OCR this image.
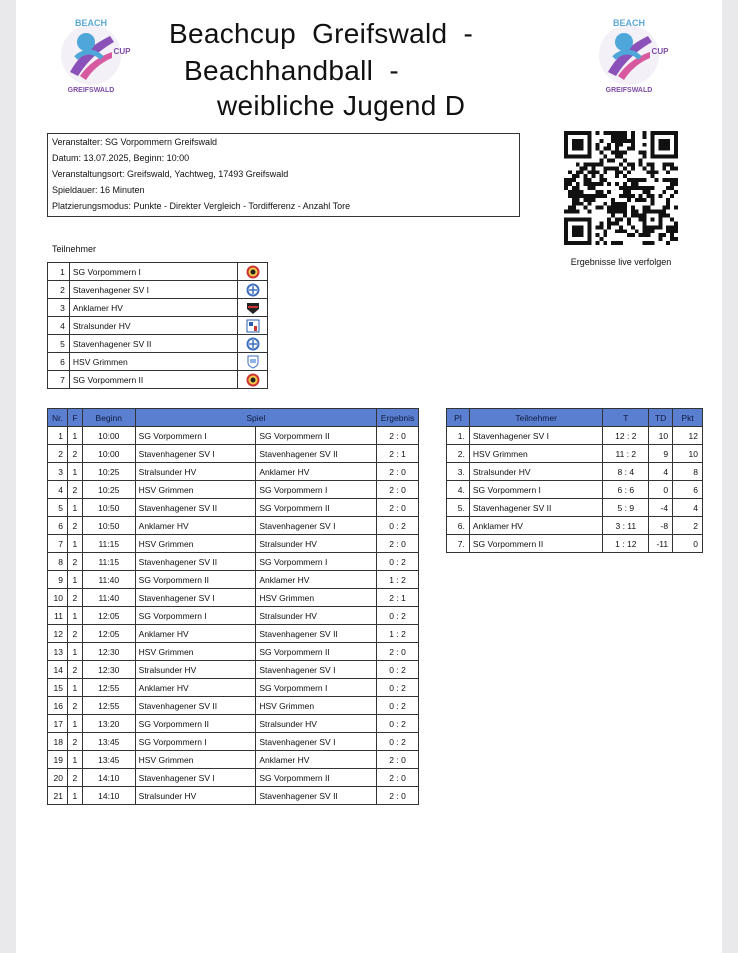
BEACH
CUP
GREIFSWALD
BEACH
CUP
GREIFSWALD
Beachcup  Greifswald  -
Beachhandball  -
weibliche Jugend D
Veranstalter: SG Vorpommern Greifswald
Datum: 13.07.2025, Beginn: 10:00
Veranstaltungsort: Greifswald, Yachtweg, 17493 Greifswald
Spieldauer: 16 Minuten
Platzierungsmodus: Punkte - Direkter Vergleich - Tordifferenz - Anzahl Tore
Ergebnisse live verfolgen
Teilnehmer
1	SG Vorpommern I	
2	Stavenhagener SV I	
3	Anklamer HV	
4	Stralsunder HV	
5	Stavenhagener SV II	
6	HSV Grimmen	
7	SG Vorpommern II	
Nr.	F	Beginn	Spiel		Ergebnis
1	1	10:00	SG Vorpommern I	SG Vorpommern II	2 : 0
2	2	10:00	Stavenhagener SV I	Stavenhagener SV II	2 : 1
3	1	10:25	Stralsunder HV	Anklamer HV	2 : 0
4	2	10:25	HSV Grimmen	SG Vorpommern I	2 : 0
5	1	10:50	Stavenhagener SV II	SG Vorpommern II	2 : 0
6	2	10:50	Anklamer HV	Stavenhagener SV I	0 : 2
7	1	11:15	HSV Grimmen	Stralsunder HV	2 : 0
8	2	11:15	Stavenhagener SV II	SG Vorpommern I	0 : 2
9	1	11:40	SG Vorpommern II	Anklamer HV	1 : 2
10	2	11:40	Stavenhagener SV I	HSV Grimmen	2 : 1
11	1	12:05	SG Vorpommern I	Stralsunder HV	0 : 2
12	2	12:05	Anklamer HV	Stavenhagener SV II	1 : 2
13	1	12:30	HSV Grimmen	SG Vorpommern II	2 : 0
14	2	12:30	Stralsunder HV	Stavenhagener SV I	0 : 2
15	1	12:55	Anklamer HV	SG Vorpommern I	0 : 2
16	2	12:55	Stavenhagener SV II	HSV Grimmen	0 : 2
17	1	13:20	SG Vorpommern II	Stralsunder HV	0 : 2
18	2	13:45	SG Vorpommern I	Stavenhagener SV I	0 : 2
19	1	13:45	HSV Grimmen	Anklamer HV	2 : 0
20	2	14:10	Stavenhagener SV I	SG Vorpommern II	2 : 0
21	1	14:10	Stralsunder HV	Stavenhagener SV II	2 : 0
Pl	Teilnehmer	T	TD	Pkt
1.	Stavenhagener SV I	12 : 2	10	12
2.	HSV Grimmen	11 : 2	9	10
3.	Stralsunder HV	8 : 4	4	8
4.	SG Vorpommern I	6 : 6	0	6
5.	Stavenhagener SV II	5 : 9	-4	4
6.	Anklamer HV	3 : 11	-8	2
7.	SG Vorpommern II	1 : 12	-11	0
